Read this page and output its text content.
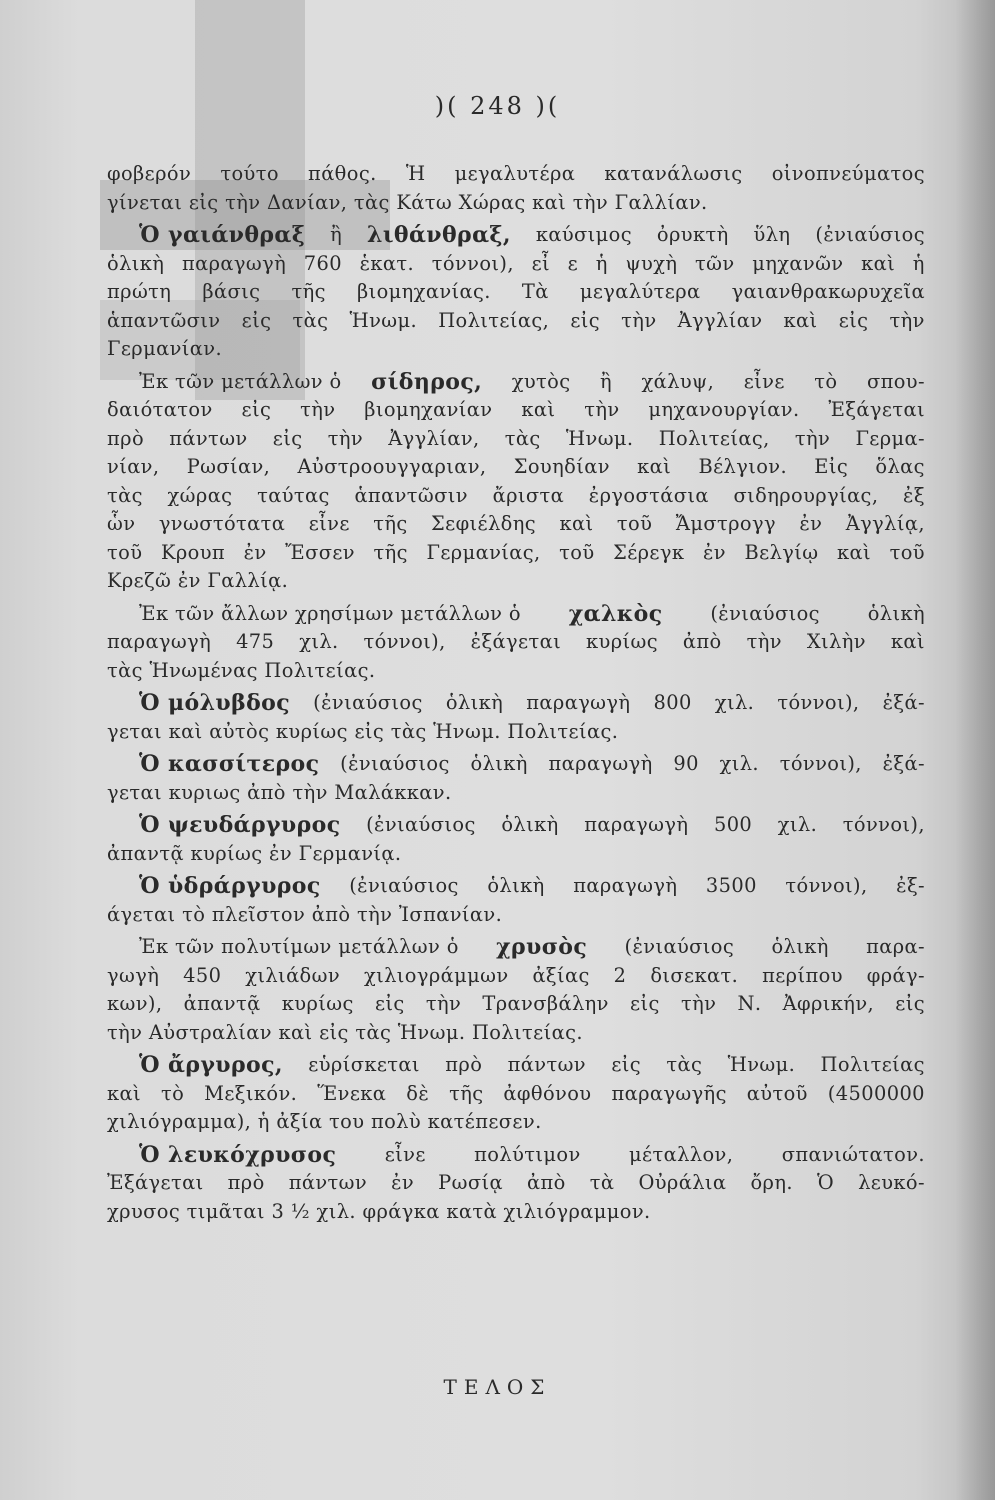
)( 248 )(
φοβερόν τούτο πάθος. Ἡ μεγαλυτέρα κατανάλωσις οἰνοπνεύματος
γίνεται εἰς τὴν Δανίαν, τὰς Κάτω Χώρας καὶ τὴν Γαλλίαν.
Ὁ γαιάνθραξ ἢ λιθάνθραξ, καύσιμος ὀρυκτὴ ὕλη (ἐνιαύσιος
ὁλικὴ παραγωγὴ 760 ἑκατ. τόννοι), εἶ ε ἡ ψυχὴ τῶν μηχανῶν καὶ ἡ
πρώτη βάσις τῆς βιομηχανίας. Τὰ μεγαλύτερα γαιανθρακωρυχεῖα
ἁπαντῶσιν εἰς τὰς Ἡνωμ. Πολιτείας, εἰς τὴν Ἀγγλίαν καὶ εἰς τὴν
Γερμανίαν.
Ἐκ τῶν μετάλλων ὁ σίδηρος, χυτὸς ἢ χάλυψ, εἶνε τὸ σπου-
δαιότατον εἰς τὴν βιομηχανίαν καὶ τὴν μηχανουργίαν. Ἐξάγεται
πρὸ πάντων εἰς τὴν Ἀγγλίαν, τὰς Ἡνωμ. Πολιτείας, τὴν Γερμα-
νίαν, Ρωσίαν, Αὐστροουγγαριαν, Σουηδίαν καὶ Βέλγιον. Εἰς ὅλας
τὰς χώρας ταύτας ἁπαντῶσιν ἄριστα ἐργοστάσια σιδηρουργίας, ἐξ
ὧν γνωστότατα εἶνε τῆς Σεφιέλδης καὶ τοῦ Ἄμστρογγ ἐν Ἀγγλίᾳ,
τοῦ Κρουπ ἐν Ἔσσεν τῆς Γερμανίας, τοῦ Σέρεγκ ἐν Βελγίῳ καὶ τοῦ
Κρεζῶ ἐν Γαλλίᾳ.
Ἐκ τῶν ἄλλων χρησίμων μετάλλων ὁ χαλκὸς (ἐνιαύσιος ὁλικὴ
παραγωγὴ 475 χιλ. τόννοι), ἐξάγεται κυρίως ἀπὸ τὴν Χιλὴν καὶ
τὰς Ἡνωμένας Πολιτείας.
Ὁ μόλυβδος (ἐνιαύσιος ὁλικὴ παραγωγὴ 800 χιλ. τόννοι), ἐξά-
γεται καὶ αὐτὸς κυρίως εἰς τὰς Ἡνωμ. Πολιτείας.
Ὁ κασσίτερος (ἐνιαύσιος ὁλικὴ παραγωγὴ 90 χιλ. τόννοι), ἐξά-
γεται κυριως ἀπὸ τὴν Μαλάκκαν.
Ὁ ψευδάργυρος (ἐνιαύσιος ὁλικὴ παραγωγὴ 500 χιλ. τόννοι),
ἀπαντᾷ κυρίως ἐν Γερμανίᾳ.
Ὁ ὑδράργυρος (ἐνιαύσιος ὁλικὴ παραγωγὴ 3500 τόννοι), ἐξ-
άγεται τὸ πλεῖστον ἀπὸ τὴν Ἰσπανίαν.
Ἐκ τῶν πολυτίμων μετάλλων ὁ χρυσὸς (ἐνιαύσιος ὁλικὴ παρα-
γωγὴ 450 χιλιάδων χιλιογράμμων ἀξίας 2 δισεκατ. περίπου φράγ-
κων), ἀπαντᾷ κυρίως εἰς τὴν Τρανσβάλην εἰς τὴν Ν. Ἀφρικήν, εἰς
τὴν Αὐστραλίαν καὶ εἰς τὰς Ἡνωμ. Πολιτείας.
Ὁ ἄργυρος, εὑρίσκεται πρὸ πάντων εἰς τὰς Ἡνωμ. Πολιτείας
καὶ τὸ Μεξικόν. Ἕνεκα δὲ τῆς ἀφθόνου παραγωγῆς αὐτοῦ (4500000
χιλιόγραμμα), ἡ ἀξία του πολὺ κατέπεσεν.
Ὁ λευκόχρυσος εἶνε πολύτιμον μέταλλον, σπανιώτατον.
Ἐξάγεται πρὸ πάντων ἐν Ρωσίᾳ ἀπὸ τὰ Οὐράλια ὄρη. Ὁ λευκό-
χρυσος τιμᾶται 3 ½ χιλ. φράγκα κατὰ χιλιόγραμμον.
ΤΕΛΟΣ
